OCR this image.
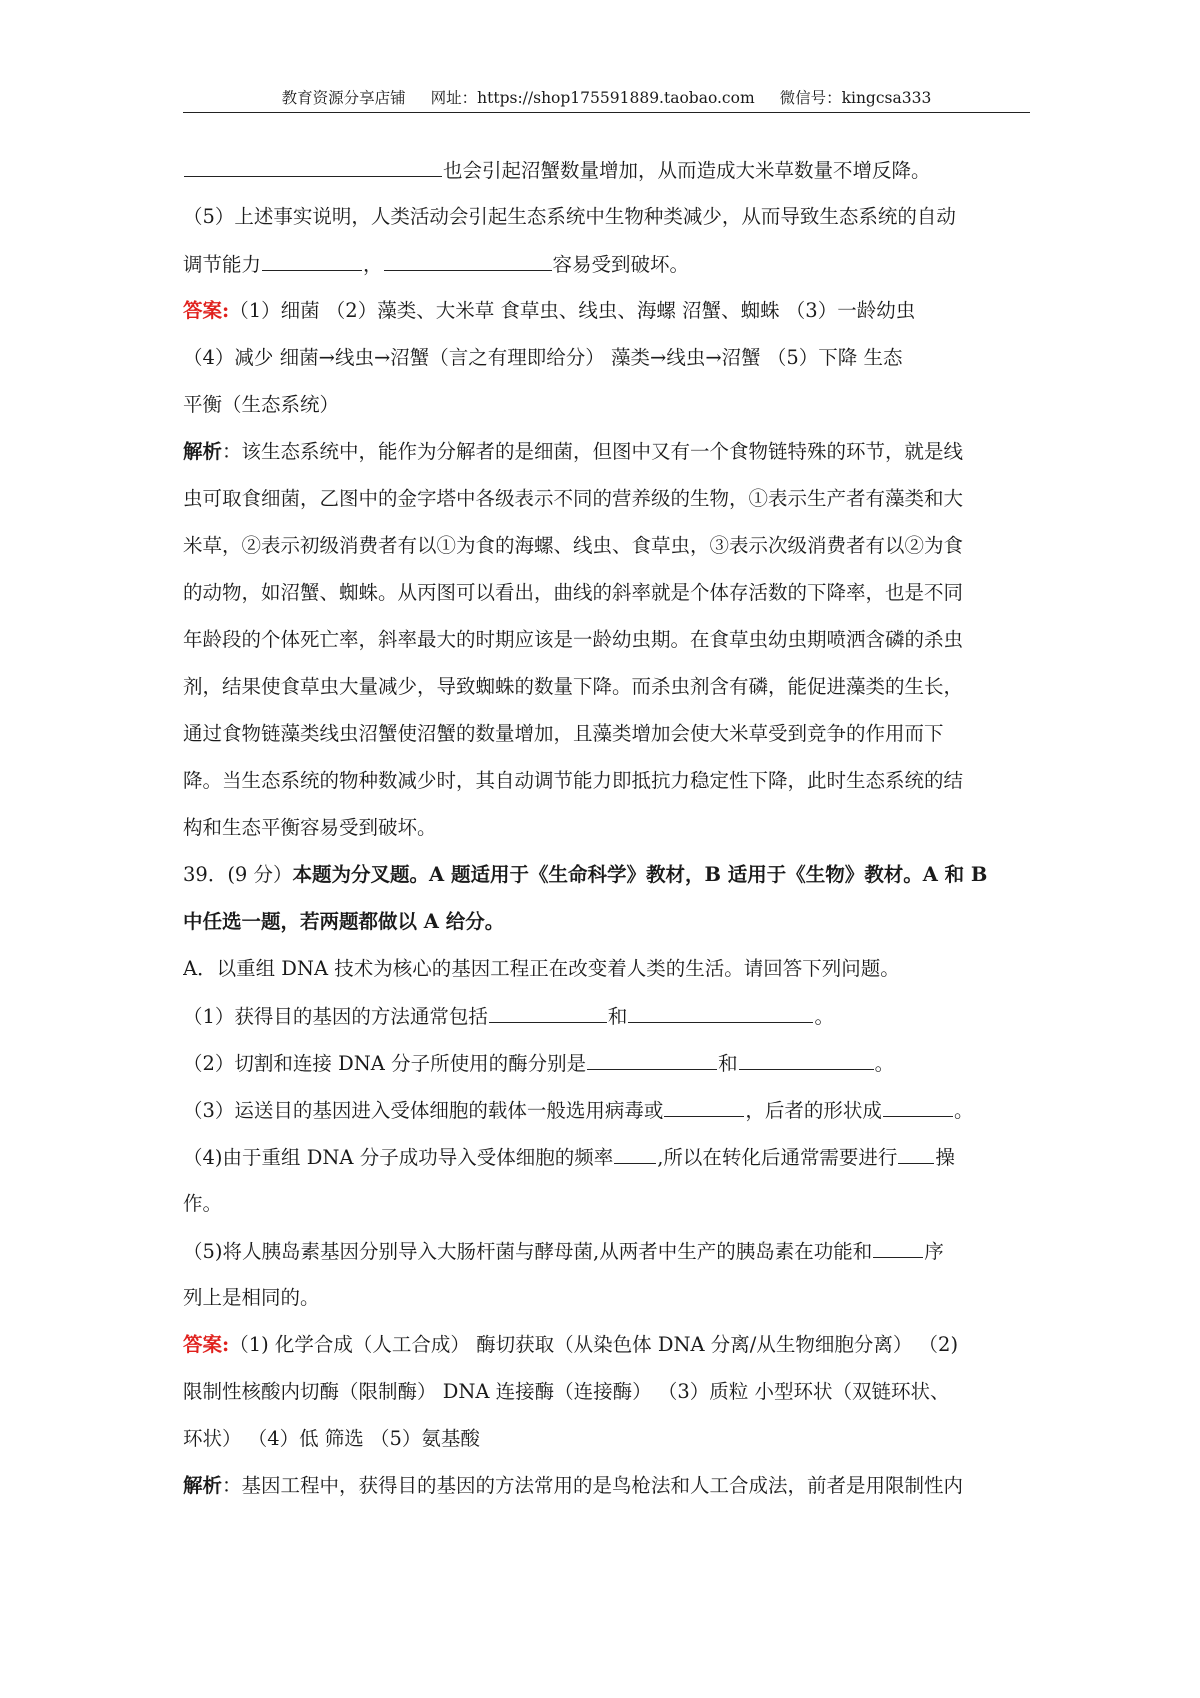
教育资源分享店铺 网址：https://shop175591889.taobao.com 微信号：kingcsa333
也会引起沼蟹数量增加，从而造成大米草数量不增反降。
（5）上述事实说明，人类活动会引起生态系统中生物种类减少，从而导致生态系统的自动
调节能力	，	容易受到破坏。
答案:（1）细菌 （2）藻类、大米草 食草虫、线虫、海螺 沼蟹、蜘蛛 （3）一龄幼虫
（4）减少 细菌→线虫→沼蟹（言之有理即给分） 藻类→线虫→沼蟹 （5）下降 生态
平衡（生态系统）
解析：该生态系统中，能作为分解者的是细菌，但图中又有一个食物链特殊的环节，就是线
虫可取食细菌，乙图中的金字塔中各级表示不同的营养级的生物，①表示生产者有藻类和大
米草，②表示初级消费者有以①为食的海螺、线虫、食草虫，③表示次级消费者有以②为食
的动物，如沼蟹、蜘蛛。从丙图可以看出，曲线的斜率就是个体存活数的下降率，也是不同
年龄段的个体死亡率，斜率最大的时期应该是一龄幼虫期。在食草虫幼虫期喷洒含磷的杀虫
剂，结果使食草虫大量减少，导致蜘蛛的数量下降。而杀虫剂含有磷，能促进藻类的生长，
通过食物链藻类线虫沼蟹使沼蟹的数量增加，且藻类增加会使大米草受到竞争的作用而下
降。当生态系统的物种数减少时，其自动调节能力即抵抗力稳定性下降，此时生态系统的结
构和生态平衡容易受到破坏。
39．(9 分）本题为分叉题。A 题适用于《生命科学》教材，B 适用于《生物》教材。A 和 B
中任选一题，若两题都做以 A 给分。
A．以重组 DNA 技术为核心的基因工程正在改变着人类的生活。请回答下列问题。
（1）获得目的基因的方法通常包括	和	。
（2）切割和连接 DNA 分子所使用的酶分别是	和	。
（3）运送目的基因进入受体细胞的载体一般选用病毒或	，后者的形状成	。
（4)由于重组 DNA 分子成功导入受体细胞的频率 ,所以在转化后通常需要进行 操
作。
（5)将人胰岛素基因分别导入大肠杆菌与酵母菌,从两者中生产的胰岛素在功能和	序
列上是相同的。
答案:（1) 化学合成（人工合成） 酶切获取（从染色体 DNA 分离/从生物细胞分离） （2)
限制性核酸内切酶（限制酶） DNA 连接酶（连接酶） （3）质粒 小型环状（双链环状、
环状） （4）低 筛选 （5）氨基酸
解析：基因工程中，获得目的基因的方法常用的是鸟枪法和人工合成法，前者是用限制性内
